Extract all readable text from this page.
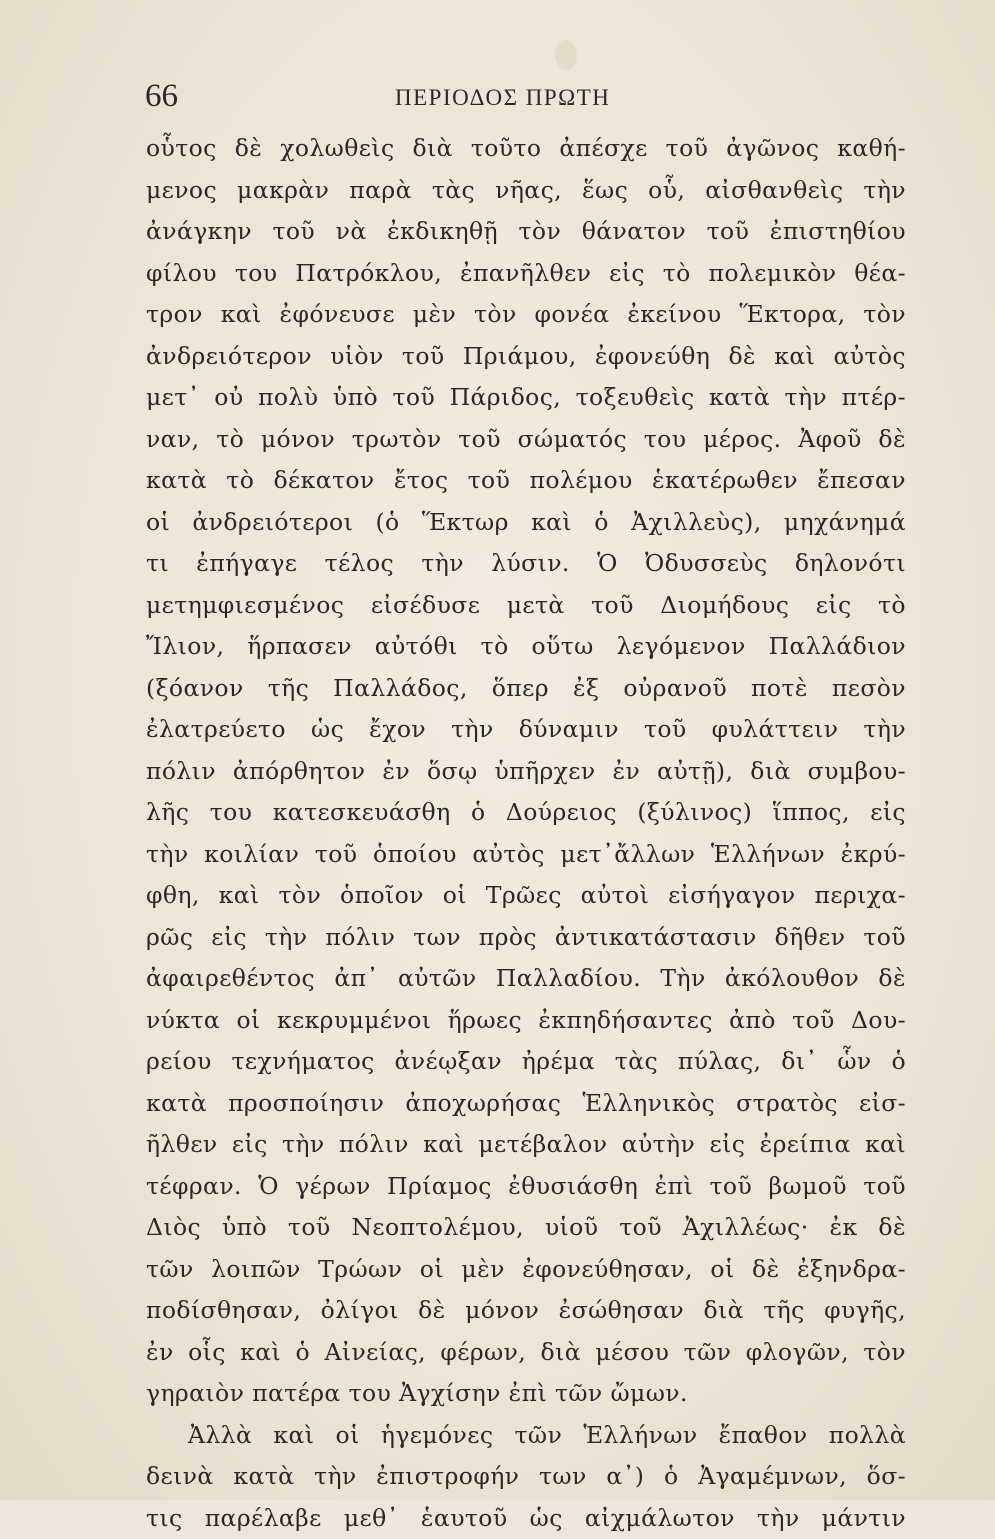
66	ΠΕΡΙΟΔΟΣ ΠΡΩΤΗ
οὗτος δὲ χολωθεὶς διὰ τοῦτο ἀπέσχε τοῦ ἀγῶνος καθή-
μενος μακρὰν παρὰ τὰς νῆας, ἕως οὗ, αἰσθανθεὶς τὴν
ἀνάγκην τοῦ νὰ ἐκδικηθῇ τὸν θάνατον τοῦ ἐπιστηθίου
φίλου του Πατρόκλου, ἐπανῆλθεν εἰς τὸ πολεμικὸν θέα-
τρον καὶ ἐφόνευσε μὲν τὸν φονέα ἐκείνου Ἕκτορα, τὸν
ἀνδρειότερον υἱὸν τοῦ Πριάμου, ἐφονεύθη δὲ καὶ αὐτὸς
μετ᾽ οὐ πολὺ ὑπὸ τοῦ Πάριδος, τοξευθεὶς κατὰ τὴν πτέρ-
ναν, τὸ μόνον τρωτὸν τοῦ σώματός του μέρος. Ἀφοῦ δὲ
κατὰ τὸ δέκατον ἔτος τοῦ πολέμου ἑκατέρωθεν ἔπεσαν
οἱ ἀνδρειότεροι (ὁ Ἕκτωρ καὶ ὁ Ἀχιλλεὺς), μηχάνημά
τι ἐπήγαγε τέλος τὴν λύσιν. Ὁ Ὀδυσσεὺς δηλονότι
μετημφιεσμένος εἰσέδυσε μετὰ τοῦ Διομήδους εἰς τὸ
Ἴλιον, ἥρπασεν αὐτόθι τὸ οὕτω λεγόμενον Παλλάδιον
(ξόανον τῆς Παλλάδος, ὅπερ ἐξ οὐρανοῦ ποτὲ πεσὸν
ἐλατρεύετο ὡς ἔχον τὴν δύναμιν τοῦ φυλάττειν τὴν
πόλιν ἀπόρθητον ἐν ὅσῳ ὑπῆρχεν ἐν αὐτῇ), διὰ συμβου-
λῆς του κατεσκευάσθη ὁ Δούρειος (ξύλινος) ἵππος, εἰς
τὴν κοιλίαν τοῦ ὁποίου αὐτὸς μετ᾽ἄλλων Ἑλλήνων ἐκρύ-
φθη, καὶ τὸν ὁποῖον οἱ Τρῶες αὐτοὶ εἰσήγαγον περιχα-
ρῶς εἰς τὴν πόλιν των πρὸς ἀντικατάστασιν δῆθεν τοῦ
ἀφαιρεθέντος ἀπ᾽ αὐτῶν Παλλαδίου. Τὴν ἀκόλουθον δὲ
νύκτα οἱ κεκρυμμένοι ἥρωες ἐκπηδήσαντες ἀπὸ τοῦ Δου-
ρείου τεχνήματος ἀνέῳξαν ἠρέμα τὰς πύλας, δι᾽ ὧν ὁ
κατὰ προσποίησιν ἀποχωρήσας Ἑλληνικὸς στρατὸς εἰσ-
ῆλθεν εἰς τὴν πόλιν καὶ μετέβαλον αὐτὴν εἰς ἐρείπια καὶ
τέφραν. Ὁ γέρων Πρίαμος ἐθυσιάσθη ἐπὶ τοῦ βωμοῦ τοῦ
Διὸς ὑπὸ τοῦ Νεοπτολέμου, υἱοῦ τοῦ Ἀχιλλέως· ἐκ δὲ
τῶν λοιπῶν Τρώων οἱ μὲν ἐφονεύθησαν, οἱ δὲ ἐξηνδρα-
ποδίσθησαν, ὀλίγοι δὲ μόνον ἐσώθησαν διὰ τῆς φυγῆς,
ἐν οἷς καὶ ὁ Αἰνείας, φέρων, διὰ μέσου τῶν φλογῶν, τὸν
γηραιὸν πατέρα του Ἀγχίσην ἐπὶ τῶν ὤμων.
Ἀλλὰ καὶ οἱ ἡγεμόνες τῶν Ἑλλήνων ἔπαθον πολλὰ
δεινὰ κατὰ τὴν ἐπιστροφήν των α᾽) ὁ Ἀγαμέμνων, ὅσ-
τις παρέλαβε μεθ᾽ ἑαυτοῦ ὡς αἰχμάλωτον τὴν μάντιν
